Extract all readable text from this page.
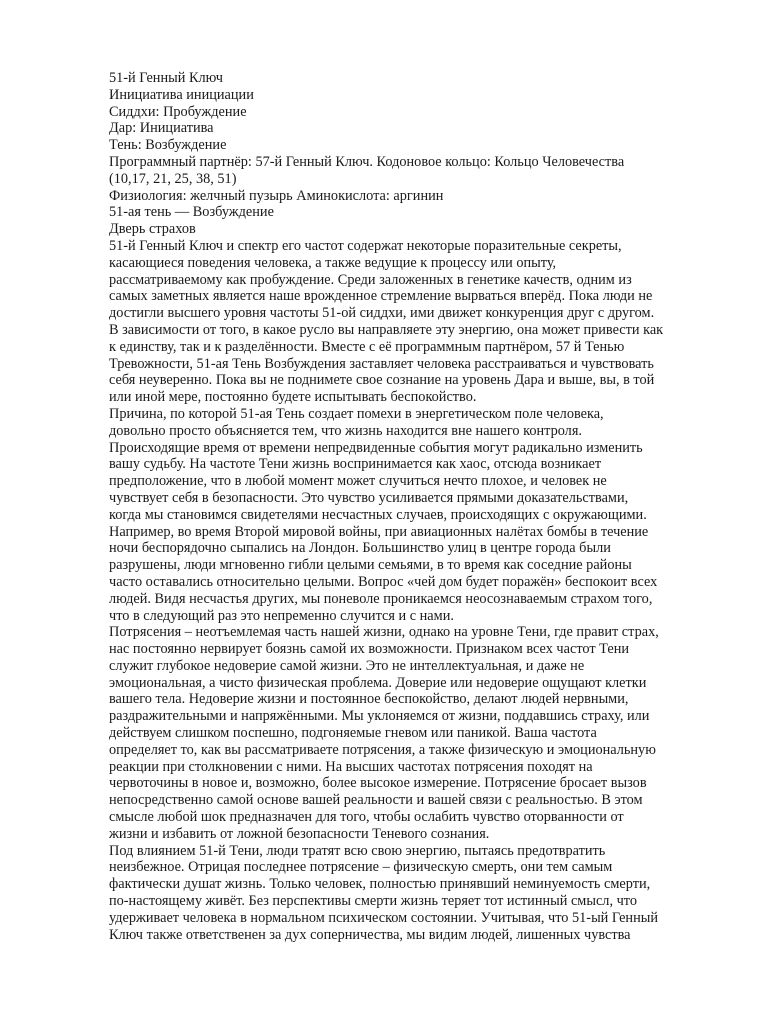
51-й Генный Ключ
Инициатива инициации
Сиддхи: Пробуждение
Дар: Инициатива
Тень: Возбуждение
Программный партнёр: 57-й Генный Ключ. Кодоновое кольцо: Кольцо Человечества
(10,17, 21, 25, 38, 51)
Физиология: желчный пузырь Аминокислота: аргинин
51-ая тень — Возбуждение
Дверь страхов
51-й Генный Ключ и спектр его частот содержат некоторые поразительные секреты,
касающиеся поведения человека, а также ведущие к процессу или опыту,
рассматриваемому как пробуждение. Среди заложенных в генетике качеств, одним из
самых заметных является наше врожденное стремление вырваться вперёд. Пока люди не
достигли высшего уровня частоты 51-ой сиддхи, ими движет конкуренция друг с другом.
В зависимости от того, в какое русло вы направляете эту энергию, она может привести как
к единству, так и к разделённости. Вместе с её программным партнёром, 57 й Тенью
Тревожности, 51-ая Тень Возбуждения заставляет человека расстраиваться и чувствовать
себя неуверенно. Пока вы не поднимете свое сознание на уровень Дара и выше, вы, в той
или иной мере, постоянно будете испытывать беспокойство.
Причина, по которой 51-ая Тень создает помехи в энергетическом поле человека,
довольно просто объясняется тем, что жизнь находится вне нашего контроля.
Происходящие время от времени непредвиденные события могут радикально изменить
вашу судьбу. На частоте Тени жизнь воспринимается как хаос, отсюда возникает
предположение, что в любой момент может случиться нечто плохое, и человек не
чувствует себя в безопасности. Это чувство усиливается прямыми доказательствами,
когда мы становимся свидетелями несчастных случаев, происходящих с окружающими.
Например, во время Второй мировой войны, при авиационных налётах бомбы в течение
ночи беспорядочно сыпались на Лондон. Большинство улиц в центре города были
разрушены, люди мгновенно гибли целыми семьями, в то время как соседние районы
часто оставались относительно целыми. Вопрос «чей дом будет поражён» беспокоит всех
людей. Видя несчастья других, мы поневоле проникаемся неосознаваемым страхом того,
что в следующий раз это непременно случится и с нами.
Потрясения – неотъемлемая часть нашей жизни, однако на уровне Тени, где правит страх,
нас постоянно нервирует боязнь самой их возможности. Признаком всех частот Тени
служит глубокое недоверие самой жизни. Это не интеллектуальная, и даже не
эмоциональная, а чисто физическая проблема. Доверие или недоверие ощущают клетки
вашего тела. Недоверие жизни и постоянное беспокойство, делают людей нервными,
раздражительными и напряжёнными. Мы уклоняемся от жизни, поддавшись страху, или
действуем слишком поспешно, подгоняемые гневом или паникой. Ваша частота
определяет то, как вы рассматриваете потрясения, а также физическую и эмоциональную
реакции при столкновении с ними. На высших частотах потрясения походят на
червоточины в новое и, возможно, более высокое измерение. Потрясение бросает вызов
непосредственно самой основе вашей реальности и вашей связи с реальностью. В этом
смысле любой шок предназначен для того, чтобы ослабить чувство оторванности от
жизни и избавить от ложной безопасности Теневого сознания.
Под влиянием 51-й Тени, люди тратят всю свою энергию, пытаясь предотвратить
неизбежное. Отрицая последнее потрясение – физическую смерть, они тем самым
фактически душат жизнь. Только человек, полностью принявший неминуемость смерти,
по-настоящему живёт. Без перспективы смерти жизнь теряет тот истинный смысл, что
удерживает человека в нормальном психическом состоянии. Учитывая, что 51-ый Генный
Ключ также ответственен за дух соперничества, мы видим людей, лишенных чувства
